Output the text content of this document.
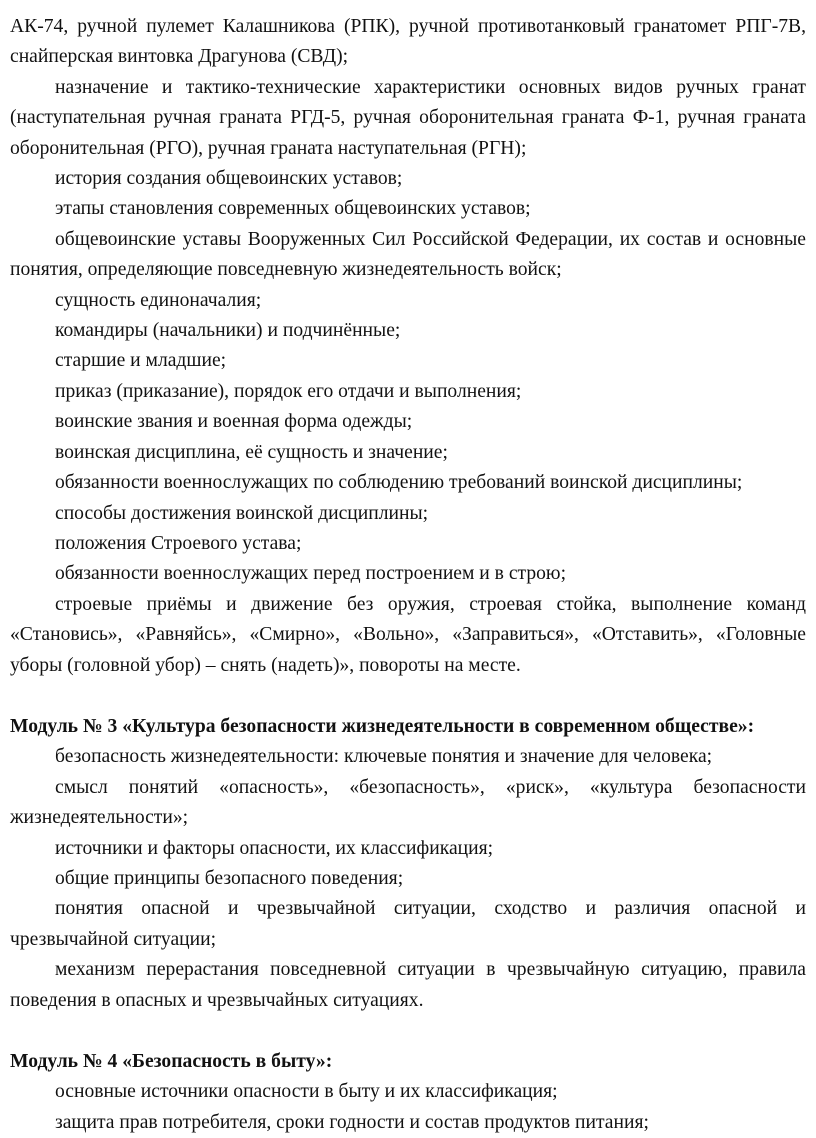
АК-74, ручной пулемет Калашникова (РПК), ручной противотанковый гранатомет РПГ-7В, снайперская винтовка Драгунова (СВД);

назначение и тактико-технические характеристики основных видов ручных гранат (наступательная ручная граната РГД-5, ручная оборонительная граната Ф-1, ручная граната оборонительная (РГО), ручная граната наступательная (РГН);

история создания общевоинских уставов;

этапы становления современных общевоинских уставов;

общевоинские уставы Вооруженных Сил Российской Федерации, их состав и основные понятия, определяющие повседневную жизнедеятельность войск;

сущность единоначалия;

командиры (начальники) и подчинённые;

старшие и младшие;

приказ (приказание), порядок его отдачи и выполнения;

воинские звания и военная форма одежды;

воинская дисциплина, её сущность и значение;

обязанности военнослужащих по соблюдению требований воинской дисциплины;

способы достижения воинской дисциплины;

положения Строевого устава;

обязанности военнослужащих перед построением и в строю;

строевые приёмы и движение без оружия, строевая стойка, выполнение команд «Становись», «Равняйсь», «Смирно», «Вольно», «Заправиться», «Отставить», «Головные уборы (головной убор) – снять (надеть)», повороты на месте.

Модуль № 3 «Культура безопасности жизнедеятельности в современном обществе»:

безопасность жизнедеятельности: ключевые понятия и значение для человека;

смысл понятий «опасность», «безопасность», «риск», «культура безопасности жизнедеятельности»;

источники и факторы опасности, их классификация;

общие принципы безопасного поведения;

понятия опасной и чрезвычайной ситуации, сходство и различия опасной и чрезвычайной ситуации;

механизм перерастания повседневной ситуации в чрезвычайную ситуацию, правила поведения в опасных и чрезвычайных ситуациях.

Модуль № 4 «Безопасность в быту»:

основные источники опасности в быту и их классификация;

защита прав потребителя, сроки годности и состав продуктов питания;
